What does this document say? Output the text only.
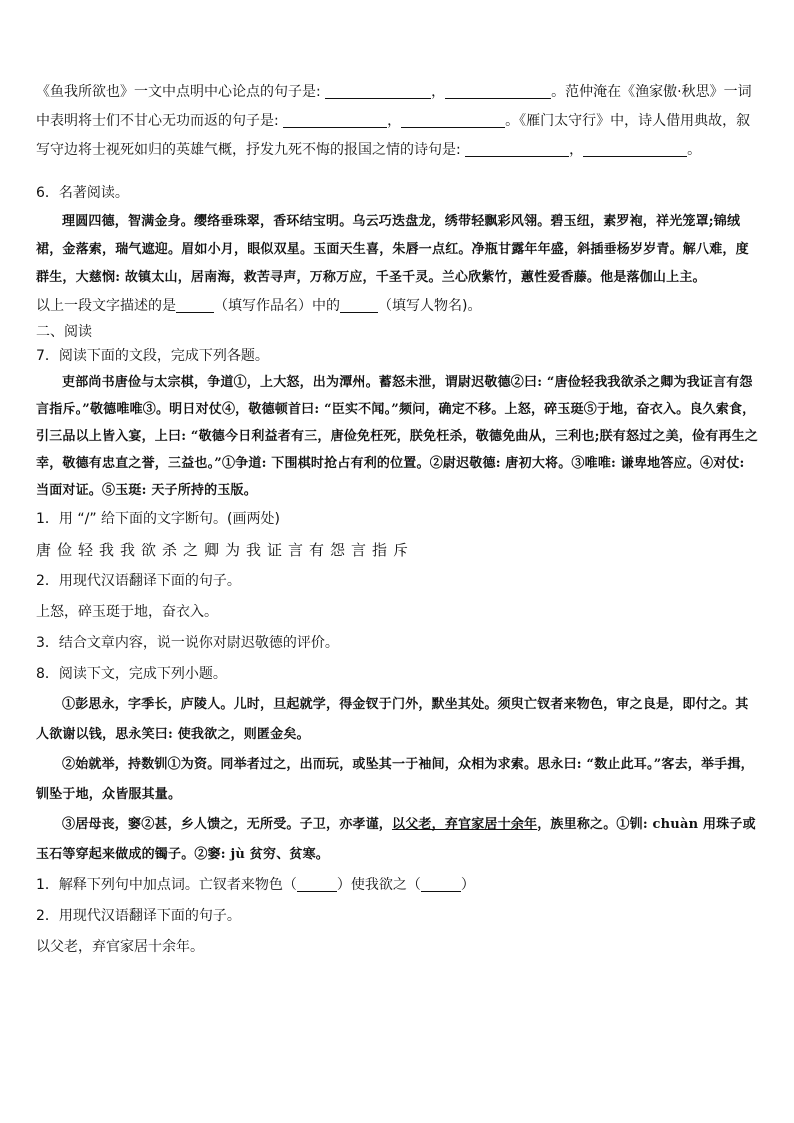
《鱼我所欲也》一文中点明中心论点的句子是:	，	。范仲淹在《渔家傲·秋思》一词

中表明将士们不甘心无功而返的句子是:	，	。《雁门太守行》中，诗人借用典故，叙

写守边将士视死如归的英雄气概，抒发九死不悔的报国之情的诗句是:	，	。

6．名著阅读。

理圆四德，智满金身。缨络垂珠翠，香环结宝明。乌云巧迭盘龙，绣带轻飘彩风翎。碧玉纽，素罗袍，祥光笼罩;锦绒裙，金落索，瑞气遮迎。眉如小月，眼似双星。玉面天生喜，朱唇一点红。净瓶甘露年年盛，斜插垂杨岁岁青。解八难，度群生，大慈悯: 故镇太山，居南海，救苦寻声，万称万应，千圣千灵。兰心欣紫竹，蕙性爱香藤。他是落伽山上主。

以上一段文字描述的是	（填写作品名）中的	（填写人物名)。

二、阅读

7．阅读下面的文段，完成下列各题。

吏部尚书唐俭与太宗棋，争道①，上大怒，出为潭州。蓄怒未泄，谓尉迟敬德②曰: “唐俭轻我我欲杀之卿为我证言有怨言指斥。”敬德唯唯③。明日对仗④，敬德顿首曰: “臣实不闻。”频问，确定不移。上怒，碎玉珽⑤于地，奋衣入。良久索食，引三品以上皆入宴，上曰: “敬德今日利益者有三，唐俭免枉死，朕免枉杀，敬德免曲从，三利也;朕有怒过之美，俭有再生之幸，敬德有忠直之誉，三益也。”①争道: 下围棋时抢占有利的位置。②尉迟敬德: 唐初大将。③唯唯: 谦卑地答应。④对仗: 当面对证。⑤玉珽: 天子所持的玉版。

1．用 “/” 给下面的文字断句。(画两处)

唐俭轻我我欲杀之卿为我证言有怨言指斥

2．用现代汉语翻译下面的句子。

上怒，碎玉珽于地，奋衣入。

3．结合文章内容，说一说你对尉迟敬德的评价。

8．阅读下文，完成下列小题。

①彭思永，字季长，庐陵人。儿时，旦起就学，得金钗于门外，默坐其处。须臾亡钗者来物色，审之良是，即付之。其人欲谢以钱，思永笑曰: 使我欲之，则匿金矣。

②始就举，持数钏①为资。同举者过之，出而玩，或坠其一于袖间，众相为求索。思永曰: “数止此耳。”客去，举手揖，钏坠于地，众皆服其量。

③居母丧，窭②甚，乡人馈之，无所受。子卫，亦孝谨，以父老，弃官家居十余年，族里称之。①钏: chuàn 用珠子或玉石等穿起来做成的镯子。②窭: jù 贫穷、贫寒。

1．解释下列句中加点词。亡钗者来物色（	）使我欲之（	）

2．用现代汉语翻译下面的句子。

以父老，弃官家居十余年。
